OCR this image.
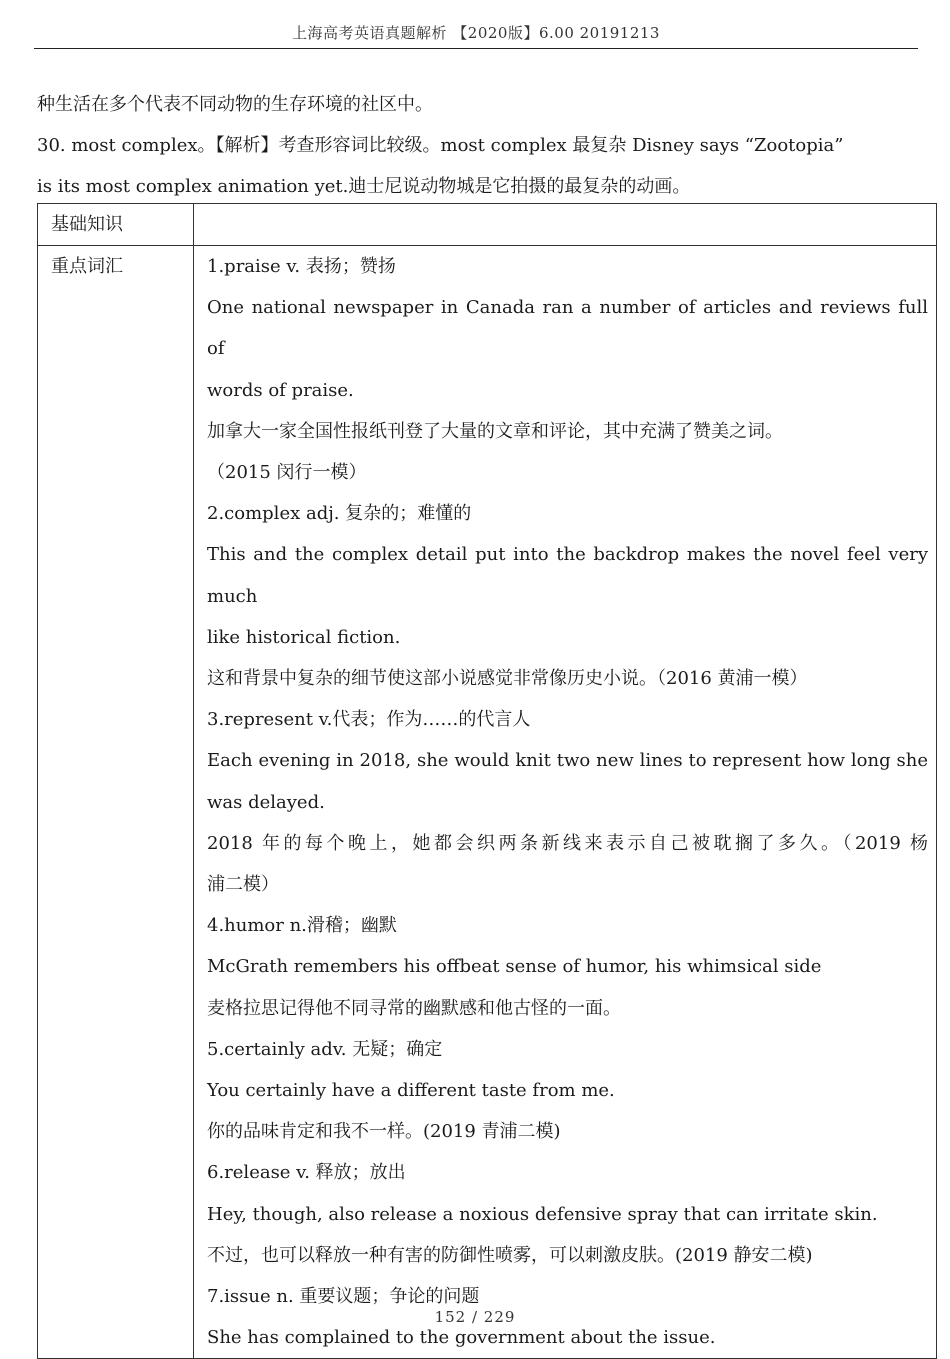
上海高考英语真题解析 【2020版】6.00 20191213

种生活在多个代表不同动物的生存环境的社区中。

30. most complex。【解析】考查形容词比较级。most complex 最复杂 Disney says “Zootopia”

is its most complex animation yet.迪士尼说动物城是它拍摄的最复杂的动画。

基础知识
重点词汇	1.praise v. 表扬；赞扬

One national newspaper in Canada ran a number of articles and reviews full of

words of praise.

加拿大一家全国性报纸刊登了大量的文章和评论，其中充满了赞美之词。

（2015 闵行一模）

2.complex adj. 复杂的；难懂的

This and the complex detail put into the backdrop makes the novel feel very much

like historical fiction.

这和背景中复杂的细节使这部小说感觉非常像历史小说。（2016 黄浦一模）

3.represent v.代表；作为……的代言人

Each evening in 2018, she would knit two new lines to represent how long she

was delayed.

2018 年的每个晚上，她都会织两条新线来表示自己被耽搁了多久。（2019 杨

浦二模）

4.humor n.滑稽；幽默

McGrath remembers his offbeat sense of humor, his whimsical side

麦格拉思记得他不同寻常的幽默感和他古怪的一面。

5.certainly adv. 无疑；确定

You certainly have a different taste from me.

你的品味肯定和我不一样。(2019 青浦二模)

6.release v. 释放；放出

Hey, though, also release a noxious defensive spray that can irritate skin.

不过，也可以释放一种有害的防御性喷雾，可以刺激皮肤。(2019 静安二模)

7.issue n. 重要议题；争论的问题

She has complained to the government about the issue.

152 / 229
